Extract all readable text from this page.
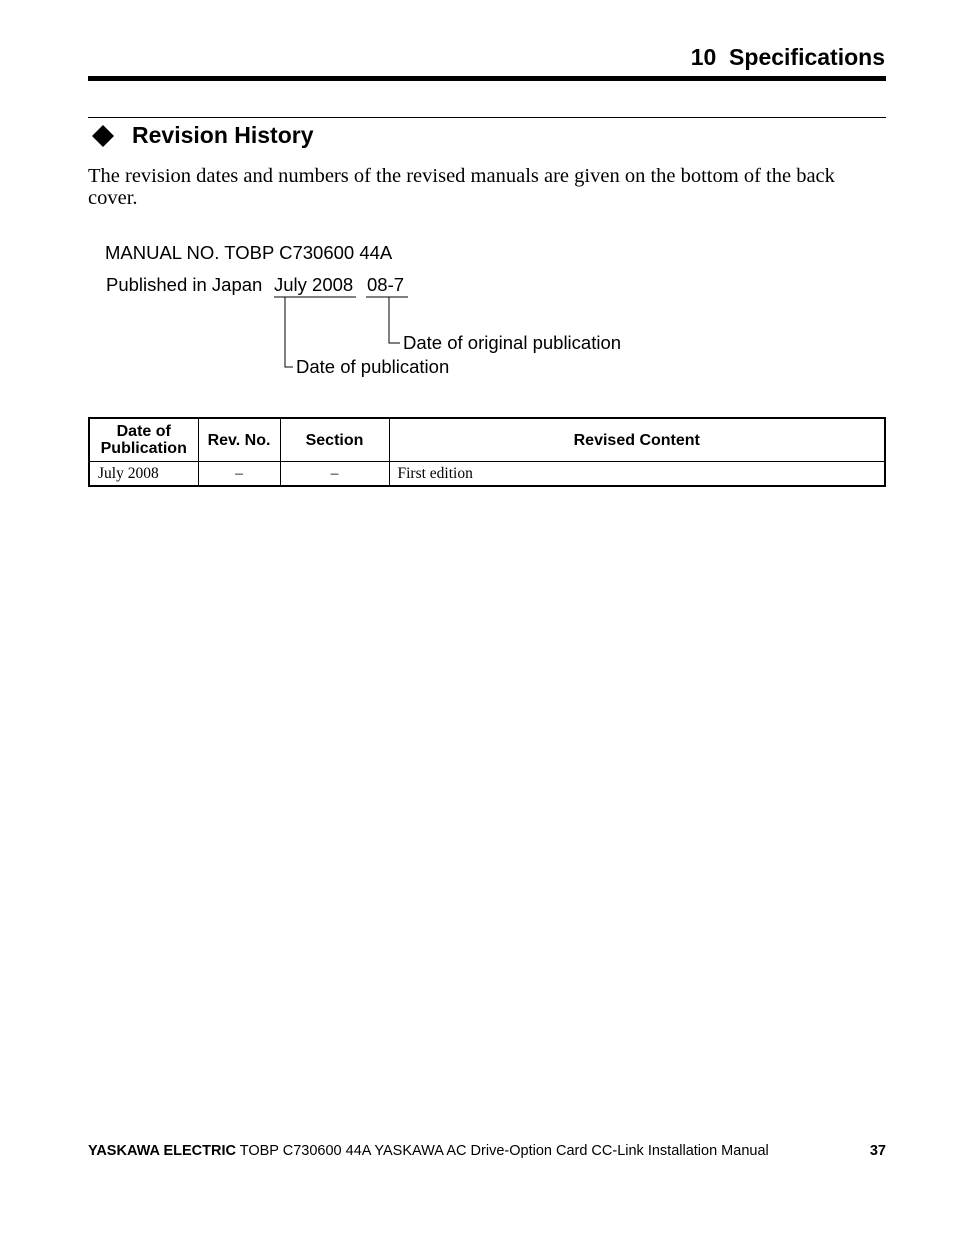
10  Specifications
Revision History

The revision dates and numbers of the revised manuals are given on the bottom of the back cover.

MANUAL NO. TOBP C730600 44A
Published in Japan July 2008 08-7
Date of original publication
Date of publication
Date of
Publication	Rev. No.	Section	Revised Content
July 2008	–	–	First edition
YASKAWA ELECTRIC TOBP C730600 44A YASKAWA AC Drive-Option Card CC-Link Installation Manual	37
